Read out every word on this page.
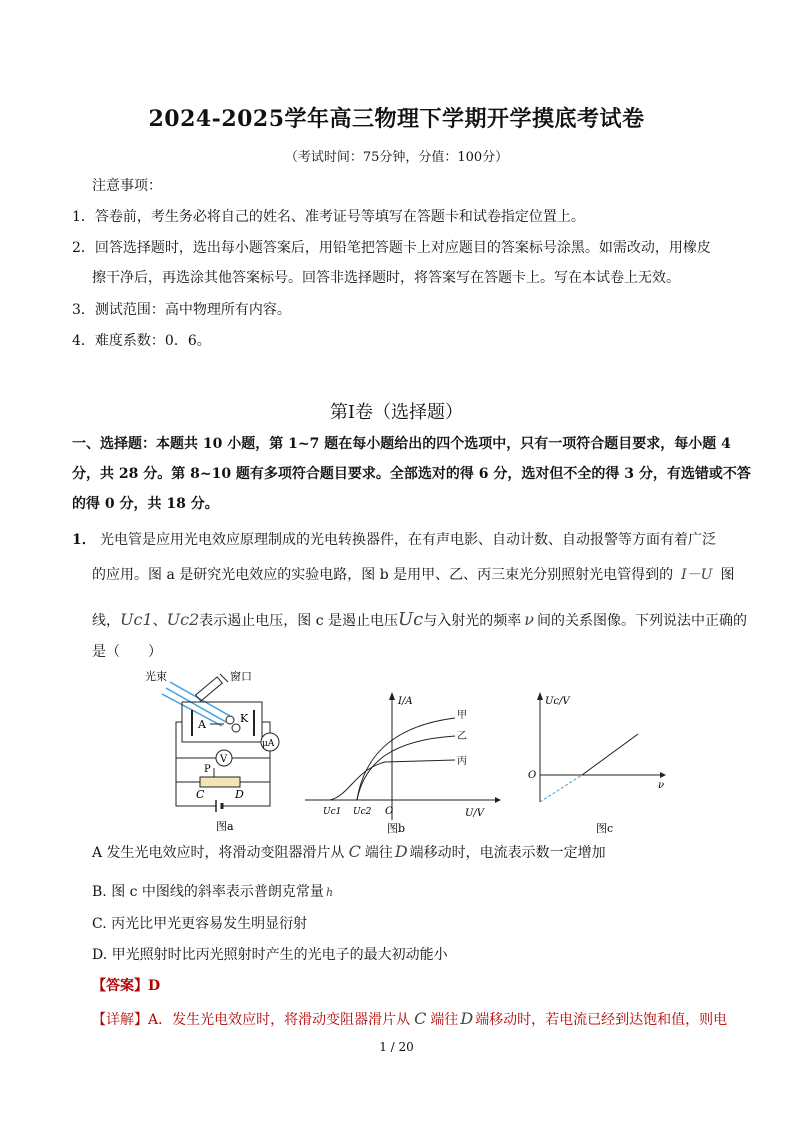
2024-2025学年高三物理下学期开学摸底考试卷
（考试时间：75分钟，分值：100分）
注意事项：
1．答卷前，考生务必将自己的姓名、准考证号等填写在答题卡和试卷指定位置上。
2．回答选择题时，选出每小题答案后，用铅笔把答题卡上对应题目的答案标号涂黑。如需改动，用橡皮
擦干净后，再选涂其他答案标号。回答非选择题时，将答案写在答题卡上。写在本试卷上无效。
3．测试范围：高中物理所有内容。
4．难度系数：0．6。
第Ⅰ卷（选择题）
一、选择题：本题共 10 小题，第 1~7 题在每小题给出的四个选项中，只有一项符合题目要求，每小题 4
分，共 28 分。第 8~10 题有多项符合题目要求。全部选对的得 6 分，选对但不全的得 3 分，有选错或不答
的得 0 分，共 18 分。
1． 光电管是应用光电效应原理制成的光电转换器件，在有声电影、自动计数、自动报警等方面有着广泛
的应用。图 a 是研究光电效应的实验电路，图 b 是用甲、乙、丙三束光分别照射光电管得到的 I－U 图
线，Uc1、Uc2表示遏止电压，图 c 是遏止电压Uc与入射光的频率 ν 间的关系图像。下列说法中正确的
是（　　）
光束	窗口
A	K
μA
V
P
C	D
图a
I/A
U/V
O
Uc1 Uc2
甲
乙
丙
图b
Uc/V
ν
O
图c
A 发生光电效应时，将滑动变阻器滑片从 C 端往 D 端移动时，电流表示数一定增加
B. 图 c 中图线的斜率表示普朗克常量 h
C. 丙光比甲光更容易发生明显衍射
D. 甲光照射时比丙光照射时产生的光电子的最大初动能小
【答案】D
【详解】A．发生光电效应时，将滑动变阻器滑片从 C 端往 D 端移动时，若电流已经到达饱和值，则电
1 / 20
